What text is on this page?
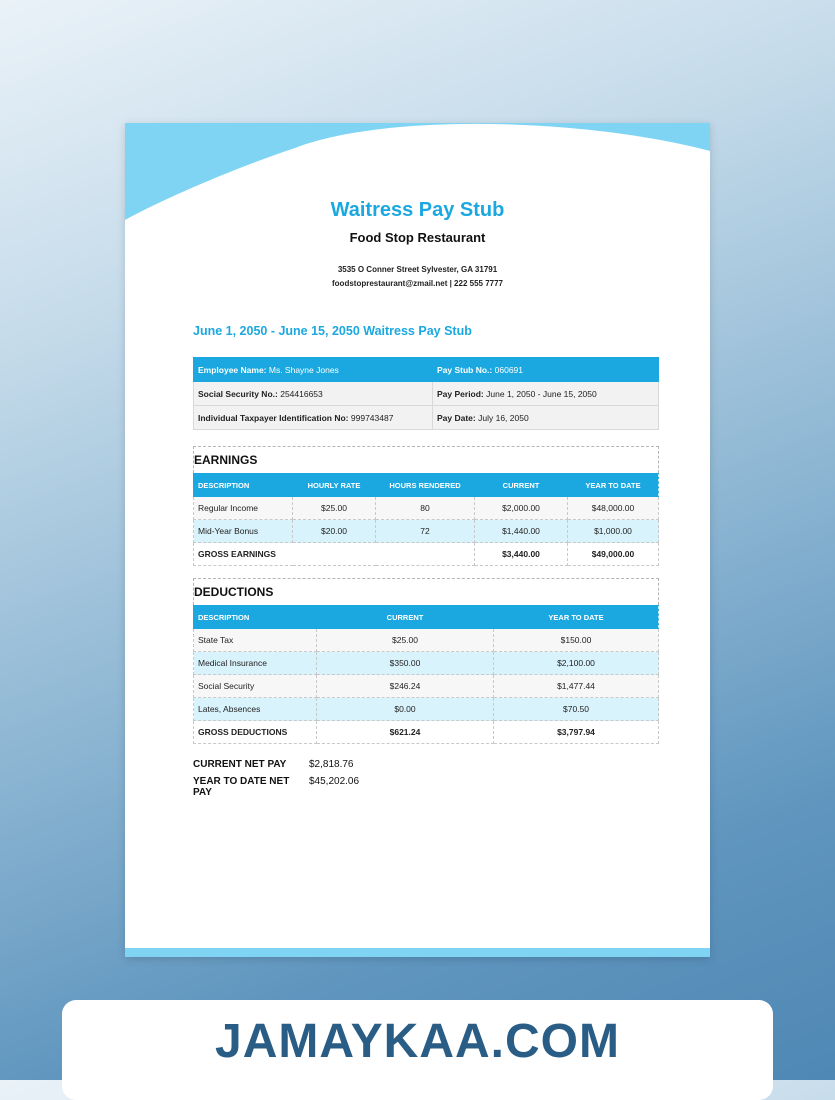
Waitress Pay Stub
Food Stop Restaurant
3535 O Conner Street Sylvester, GA 31791
foodstoprestaurant@zmail.net | 222 555 7777
June 1, 2050 - June 15, 2050 Waitress Pay Stub
Employee Name: Ms. Shayne Jones	Pay Stub No.: 060691
Social Security No.: 254416653	Pay Period: June 1, 2050 - June 15, 2050
Individual Taxpayer Identification No: 999743487	Pay Date: July 16, 2050
EARNINGS
DESCRIPTION	HOURLY RATE	HOURS RENDERED	CURRENT	YEAR TO DATE
Regular Income	$25.00	80	$2,000.00	$48,000.00
Mid-Year Bonus	$20.00	72	$1,440.00	$1,000.00
GROSS EARNINGS			$3,440.00	$49,000.00
DEDUCTIONS
DESCRIPTION	CURRENT	YEAR TO DATE
State Tax	$25.00	$150.00
Medical Insurance	$350.00	$2,100.00
Social Security	$246.24	$1,477.44
Lates, Absences	$0.00	$70.50
GROSS DEDUCTIONS	$621.24	$3,797.94
CURRENT NET PAY	$2,818.76
YEAR TO DATE NET PAY
$45,202.06
JAMAYKAA.COM
